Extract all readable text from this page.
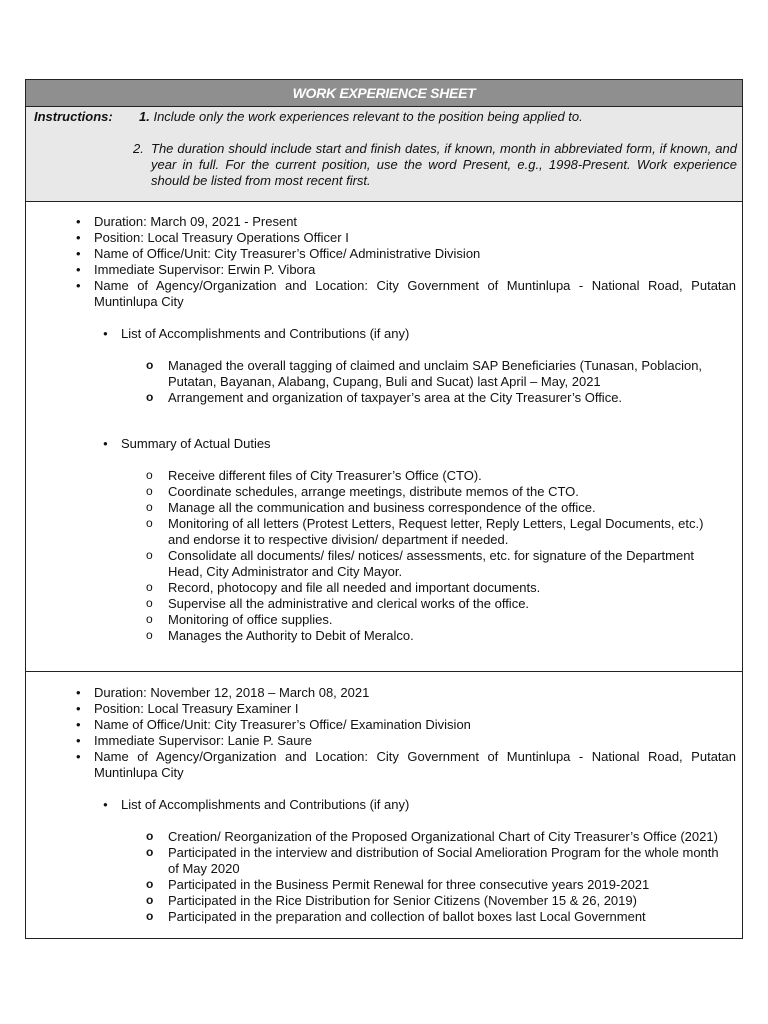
WORK EXPERIENCE SHEET
Instructions: 1. Include only the work experiences relevant to the position being applied to.
2. The duration should include start and finish dates, if known, month in abbreviated form, if known, and year in full. For the current position, use the word Present, e.g., 1998-Present. Work experience should be listed from most recent first.
• Duration: March 09, 2021 - Present
• Position: Local Treasury Operations Officer I
• Name of Office/Unit: City Treasurer’s Office/ Administrative Division
• Immediate Supervisor: Erwin P. Vibora
• Name of Agency/Organization and Location: City Government of Muntinlupa - National Road, Putatan Muntinlupa City
● List of Accomplishments and Contributions (if any)
o Managed the overall tagging of claimed and unclaim SAP Beneficiaries (Tunasan, Poblacion, Putatan, Bayanan, Alabang, Cupang, Buli and Sucat) last April – May, 2021
o Arrangement and organization of taxpayer’s area at the City Treasurer’s Office.
● Summary of Actual Duties
o Receive different files of City Treasurer’s Office (CTO).
o Coordinate schedules, arrange meetings, distribute memos of the CTO.
o Manage all the communication and business correspondence of the office.
o Monitoring of all letters (Protest Letters, Request letter, Reply Letters, Legal Documents, etc.) and endorse it to respective division/ department if needed.
o Consolidate all documents/ files/ notices/ assessments, etc. for signature of the Department Head, City Administrator and City Mayor.
o Record, photocopy and file all needed and important documents.
o Supervise all the administrative and clerical works of the office.
o Monitoring of office supplies.
o Manages the Authority to Debit of Meralco.
• Duration: November 12, 2018 – March 08, 2021
• Position: Local Treasury Examiner I
• Name of Office/Unit: City Treasurer’s Office/ Examination Division
• Immediate Supervisor: Lanie P. Saure
• Name of Agency/Organization and Location: City Government of Muntinlupa - National Road, Putatan Muntinlupa City
● List of Accomplishments and Contributions (if any)
o Creation/ Reorganization of the Proposed Organizational Chart of City Treasurer’s Office (2021)
o Participated in the interview and distribution of Social Amelioration Program for the whole month of May 2020
o Participated in the Business Permit Renewal for three consecutive years 2019-2021
o Participated in the Rice Distribution for Senior Citizens (November 15 & 26, 2019)
o Participated in the preparation and collection of ballot boxes last Local Government
